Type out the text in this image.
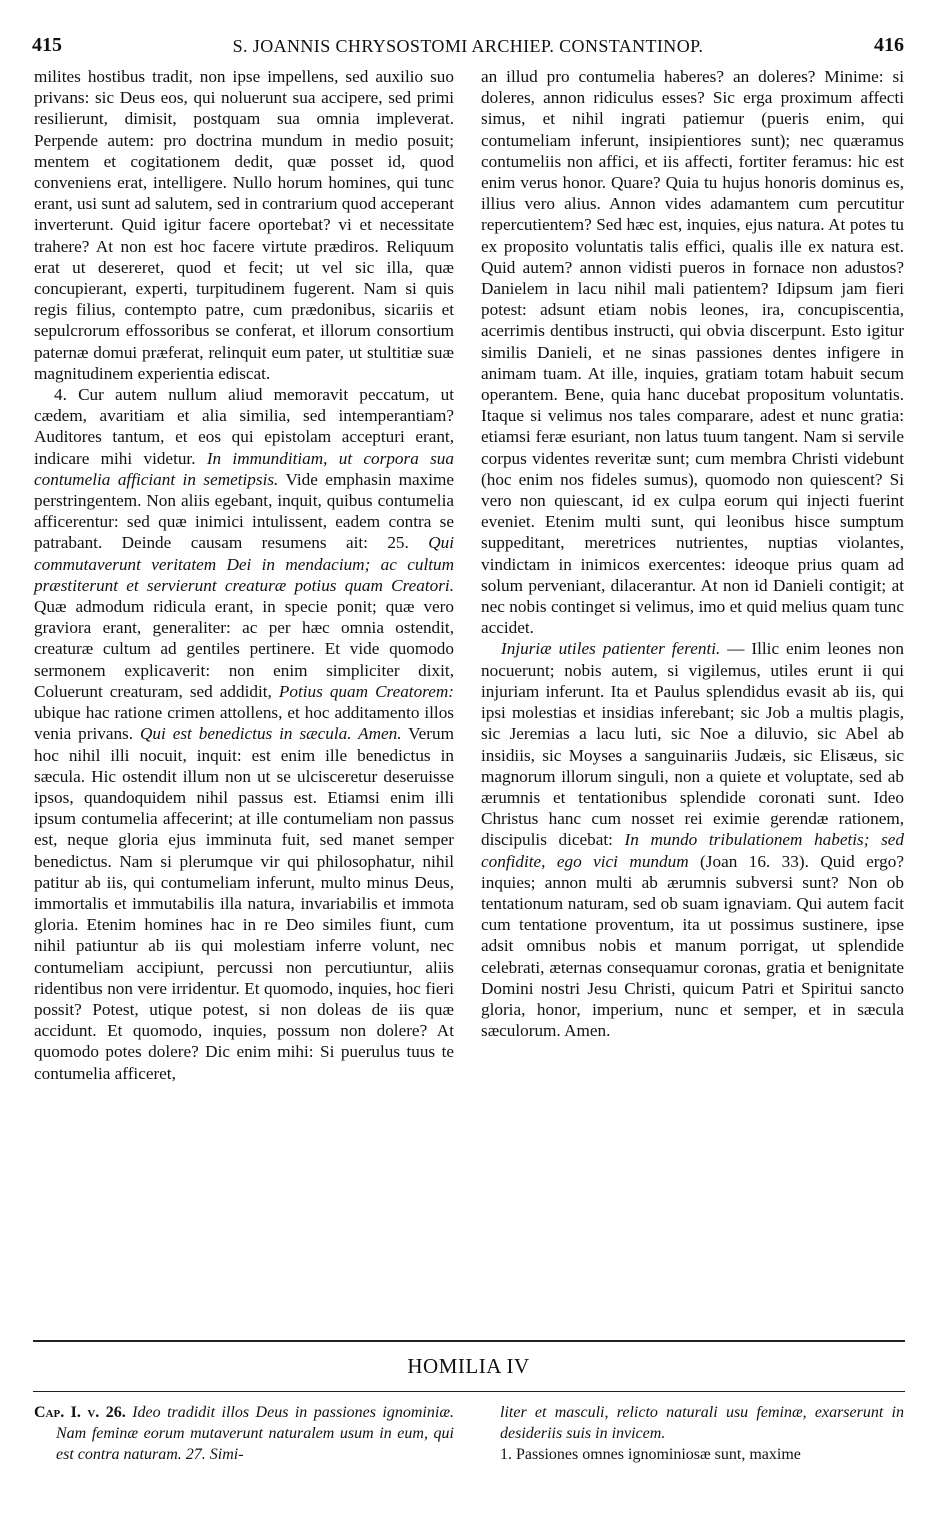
415	S. JOANNIS CHRYSOSTOMI ARCHIEP. CONSTANTINOP.	416

milites hostibus tradit, non ipse impellens, sed auxilio suo privans: sic Deus eos, qui noluerunt sua accipere, sed primi resilierunt, dimisit, postquam sua omnia impleverat. Perpende autem: pro doctrina mundum in medio posuit; mentem et cogitationem dedit, quæ posset id, quod conveniens erat, intelligere. Nullo horum homines, qui tunc erant, usi sunt ad salutem, sed in contrarium quod acceperant inverterunt. Quid igitur facere oportebat? vi et necessitate trahere? At non est hoc facere virtute prædiros. Reliquum erat ut desereret, quod et fecit; ut vel sic illa, quæ concupierant, experti, turpitudinem fugerent. Nam si quis regis filius, contempto patre, cum prædonibus, sicariis et sepulcrorum effossoribus se conferat, et illorum consortium paternæ domui præferat, relinquit eum pater, ut stultitiæ suæ magnitudinem experientia ediscat.

4. Cur autem nullum aliud memoravit peccatum, ut cædem, avaritiam et alia similia, sed intemperantiam? Auditores tantum, et eos qui epistolam accepturi erant, indicare mihi videtur. In immunditiam, ut corpora sua contumelia afficiant in semetipsis. Vide emphasin maxime perstringentem. Non aliis egebant, inquit, quibus contumelia afficerentur: sed quæ inimici intulissent, eadem contra se patrabant. Deinde causam resumens ait: 25. Qui commutaverunt veritatem Dei in mendacium; ac cultum præstiterunt et servierunt creaturæ potius quam Creatori. Quæ admodum ridicula erant, in specie ponit; quæ vero graviora erant, generaliter: ac per hæc omnia ostendit, creaturæ cultum ad gentiles pertinere. Et vide quomodo sermonem explicaverit: non enim simpliciter dixit, Coluerunt creaturam, sed addidit, Potius quam Creatorem: ubique hac ratione crimen attollens, et hoc additamento illos venia privans. Qui est benedictus in sæcula. Amen. Verum hoc nihil illi nocuit, inquit: est enim ille benedictus in sæcula. Hic ostendit illum non ut se ulcisceretur deseruisse ipsos, quandoquidem nihil passus est. Etiamsi enim illi ipsum contumelia affecerint; at ille contumeliam non passus est, neque gloria ejus imminuta fuit, sed manet semper benedictus. Nam si plerumque vir qui philosophatur, nihil patitur ab iis, qui contumeliam inferunt, multo minus Deus, immortalis et immutabilis illa natura, invariabilis et immota gloria. Etenim homines hac in re Deo similes fiunt, cum nihil patiuntur ab iis qui molestiam inferre volunt, nec contumeliam accipiunt, percussi non percutiuntur, aliis ridentibus non vere irridentur. Et quomodo, inquies, hoc fieri possit? Potest, utique potest, si non doleas de iis quæ accidunt. Et quomodo, inquies, possum non dolere? At quomodo potes dolere? Dic enim mihi: Si puerulus tuus te contumelia afficeret,

an illud pro contumelia haberes? an doleres? Minime: si doleres, annon ridiculus esses? Sic erga proximum affecti simus, et nihil ingrati patiemur (pueris enim, qui contumeliam inferunt, insipientiores sunt); nec quæramus contumeliis non affici, et iis affecti, fortiter feramus: hic est enim verus honor. Quare? Quia tu hujus honoris dominus es, illius vero alius. Annon vides adamantem cum percutitur repercutientem? Sed hæc est, inquies, ejus natura. At potes tu ex proposito voluntatis talis effici, qualis ille ex natura est. Quid autem? annon vidisti pueros in fornace non adustos? Danielem in lacu nihil mali patientem? Idipsum jam fieri potest: adsunt etiam nobis leones, ira, concupiscentia, acerrimis dentibus instructi, qui obvia discerpunt. Esto igitur similis Danieli, et ne sinas passiones dentes infigere in animam tuam. At ille, inquies, gratiam totam habuit secum operantem. Bene, quia hanc ducebat propositum voluntatis. Itaque si velimus nos tales comparare, adest et nunc gratia: etiamsi feræ esuriant, non latus tuum tangent. Nam si servile corpus videntes reveritæ sunt; cum membra Christi videbunt (hoc enim nos fideles sumus), quomodo non quiescent? Si vero non quiescant, id ex culpa eorum qui injecti fuerint eveniet. Etenim multi sunt, qui leonibus hisce sumptum suppeditant, meretrices nutrientes, nuptias violantes, vindictam in inimicos exercentes: ideoque prius quam ad solum perveniant, dilacerantur. At non id Danieli contigit; at nec nobis continget si velimus, imo et quid melius quam tunc accidet.

Injuriæ utiles patienter ferenti. — Illic enim leones non nocuerunt; nobis autem, si vigilemus, utiles erunt ii qui injuriam inferunt. Ita et Paulus splendidus evasit ab iis, qui ipsi molestias et insidias inferebant; sic Job a multis plagis, sic Jeremias a lacu luti, sic Noe a diluvio, sic Abel ab insidiis, sic Moyses a sanguinariis Judæis, sic Elisæus, sic magnorum illorum singuli, non a quiete et voluptate, sed ab ærumnis et tentationibus splendide coronati sunt. Ideo Christus hanc cum nosset rei eximie gerendæ rationem, discipulis dicebat: In mundo tribulationem habetis; sed confidite, ego vici mundum (Joan 16. 33). Quid ergo? inquies; annon multi ab ærumnis subversi sunt? Non ob tentationum naturam, sed ob suam ignaviam. Qui autem facit cum tentatione proventum, ita ut possimus sustinere, ipse adsit omnibus nobis et manum porrigat, ut splendide celebrati, æternas consequamur coronas, gratia et benignitate Domini nostri Jesu Christi, quicum Patri et Spiritui sancto gloria, honor, imperium, nunc et semper, et in sæcula sæculorum. Amen.

HOMILIA IV
Cap. I. v. 26. Ideo tradidit illos Deus in passiones ignominiæ. Nam feminæ eorum mutaverunt naturalem usum in eum, qui est contra naturam. 27. Simi-
liter et masculi, relicto naturali usu feminæ, exarserunt in desideriis suis in invicem.
1. Passiones omnes ignominiosæ sunt, maxime
